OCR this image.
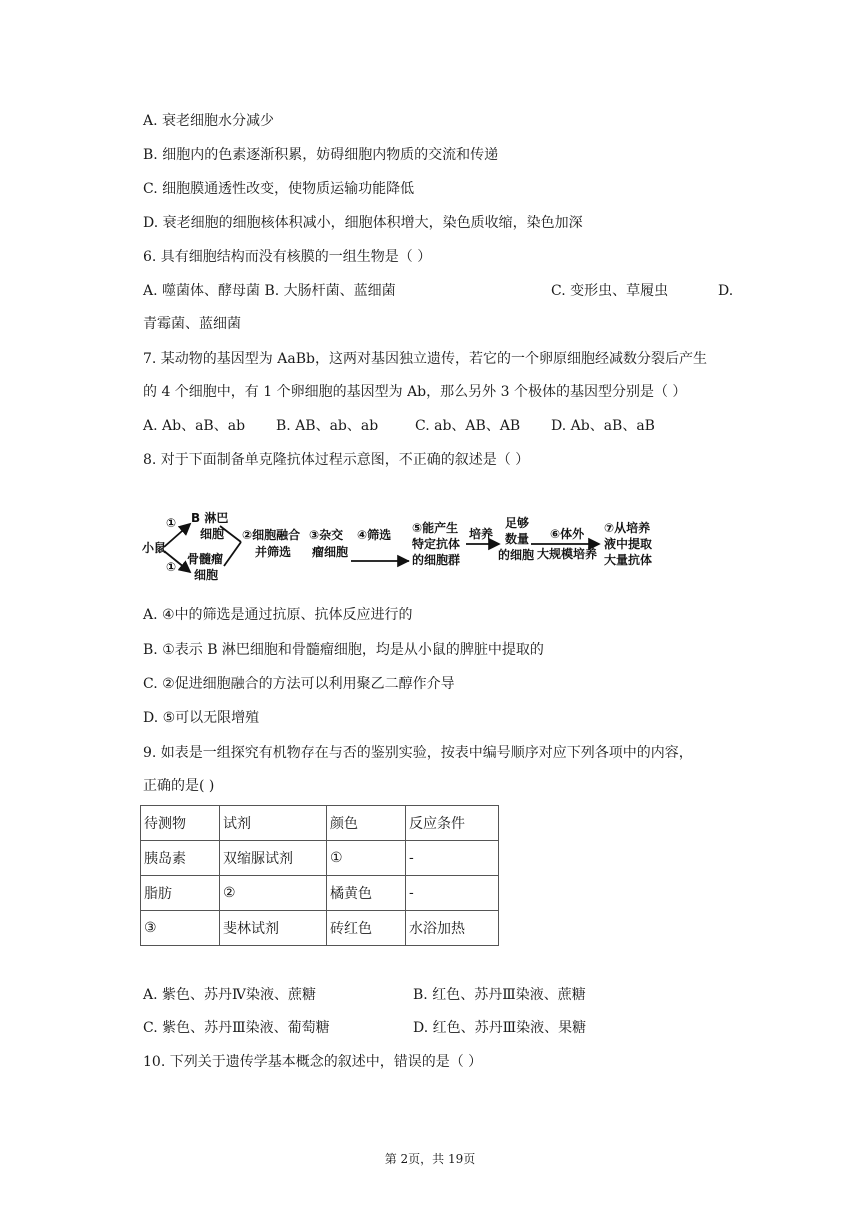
A. 衰老细胞水分减少
B. 细胞内的色素逐渐积累，妨碍细胞内物质的交流和传递
C. 细胞膜通透性改变，使物质运输功能降低
D. 衰老细胞的细胞核体积减小，细胞体积增大，染色质收缩，染色加深
6. 具有细胞结构而没有核膜的一组生物是（ ）
A. 噬菌体、酵母菌 B. 大肠杆菌、蓝细菌	C. 变形虫、草履虫	D.
青霉菌、蓝细菌
7. 某动物的基因型为 AaBb，这两对基因独立遗传，若它的一个卵原细胞经减数分裂后产生
的 4 个细胞中，有 1 个卵细胞的基因型为 Ab，那么另外 3 个极体的基因型分别是（ ）
A. Ab、aB、ab B. AB、ab、ab	C. ab、AB、AB D. Ab、aB、aB
8. 对于下面制备单克隆抗体过程示意图，不正确的叙述是（ ）
小鼠
①
①
B 淋巴
细胞
骨髓瘤
细胞
②细胞融合
并筛选
③杂交
瘤细胞
④筛选 ⑤能产生
特定抗体
的细胞群
培养
足够
数量
的细胞
⑥体外
大规模培养
⑦从培养
液中提取
大量抗体
A. ④中的筛选是通过抗原、抗体反应进行的
B. ①表示 B 淋巴细胞和骨髓瘤细胞，均是从小鼠的脾脏中提取的
C. ②促进细胞融合的方法可以利用聚乙二醇作介导
D. ⑤可以无限增殖
9. 如表是一组探究有机物存在与否的鉴别实验，按表中编号顺序对应下列各项中的内容，
正确的是( )
待测物	试剂	颜色	反应条件
胰岛素	双缩脲试剂	①	-
脂肪	②	橘黄色	-
③	斐林试剂	砖红色	水浴加热
A. 紫色、苏丹Ⅳ染液、蔗糖	B. 红色、苏丹Ⅲ染液、蔗糖
C. 紫色、苏丹Ⅲ染液、葡萄糖	D. 红色、苏丹Ⅲ染液、果糖
10. 下列关于遗传学基本概念的叙述中，错误的是（ ）
第 2页，共 19页
